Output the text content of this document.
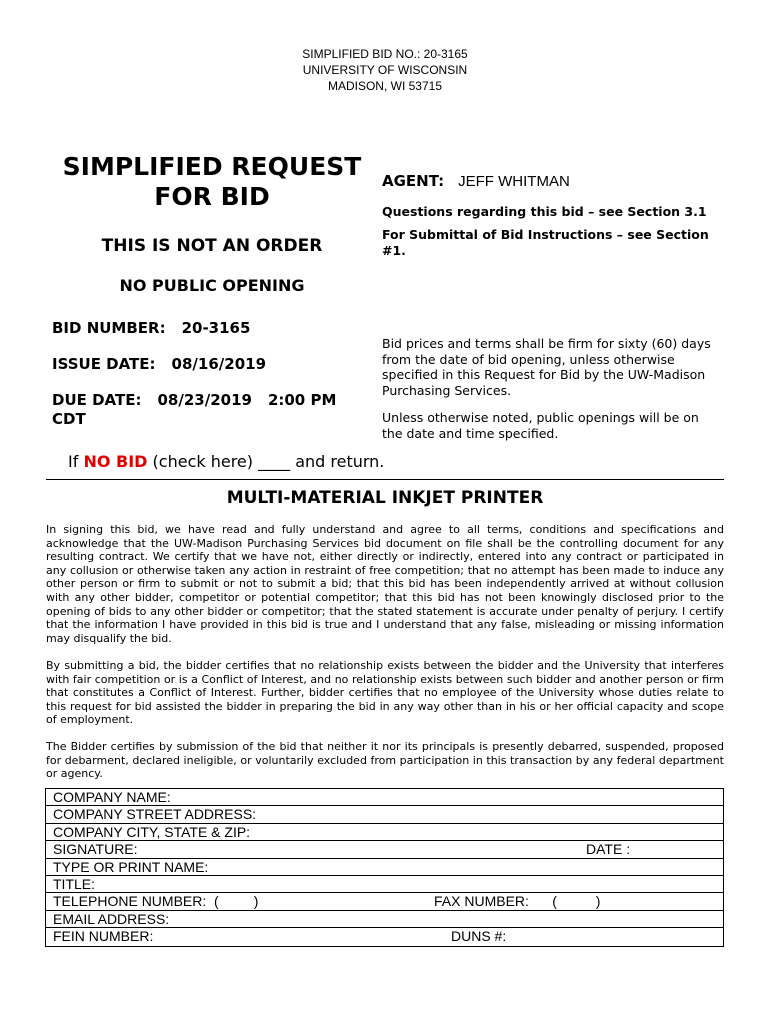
SIMPLIFIED BID NO.: 20-3165
UNIVERSITY OF WISCONSIN
MADISON, WI 53715
SIMPLIFIED REQUEST
FOR BID
THIS IS NOT AN ORDER
NO PUBLIC OPENING
BID NUMBER: 20-3165
ISSUE DATE: 08/16/2019
DUE DATE: 08/23/2019 2:00 PM
CDT
AGENT: JEFF WHITMAN
Questions regarding this bid – see Section 3.1
For Submittal of Bid Instructions – see Section
#1.
Bid prices and terms shall be firm for sixty (60) days
from the date of bid opening, unless otherwise
specified in this Request for Bid by the UW-Madison
Purchasing Services.
Unless otherwise noted, public openings will be on
the date and time specified.
If NO BID (check here) ____ and return.
MULTI-MATERIAL INKJET PRINTER
In signing this bid, we have read and fully understand and agree to all terms, conditions and specifications and acknowledge that the UW-Madison Purchasing Services bid document on file shall be the controlling document for any resulting contract. We certify that we have not, either directly or indirectly, entered into any contract or participated in any collusion or otherwise taken any action in restraint of free competition; that no attempt has been made to induce any other person or firm to submit or not to submit a bid; that this bid has been independently arrived at without collusion with any other bidder, competitor or potential competitor; that this bid has not been knowingly disclosed prior to the opening of bids to any other bidder or competitor; that the stated statement is accurate under penalty of perjury. I certify that the information I have provided in this bid is true and I understand that any false, misleading or missing information may disqualify the bid.
By submitting a bid, the bidder certifies that no relationship exists between the bidder and the University that interferes with fair competition or is a Conflict of Interest, and no relationship exists between such bidder and another person or firm that constitutes a Conflict of Interest. Further, bidder certifies that no employee of the University whose duties relate to this request for bid assisted the bidder in preparing the bid in any way other than in his or her official capacity and scope of employment.
The Bidder certifies by submission of the bid that neither it nor its principals is presently debarred, suspended, proposed for debarment, declared ineligible, or voluntarily excluded from participation in this transaction by any federal department or agency.
COMPANY NAME:
COMPANY STREET ADDRESS:
COMPANY CITY, STATE & ZIP:
SIGNATURE:	DATE :
TYPE OR PRINT NAME:
TITLE:
TELEPHONE NUMBER:  (         )	FAX NUMBER:      (          )
EMAIL ADDRESS:
FEIN NUMBER:	DUNS #:
